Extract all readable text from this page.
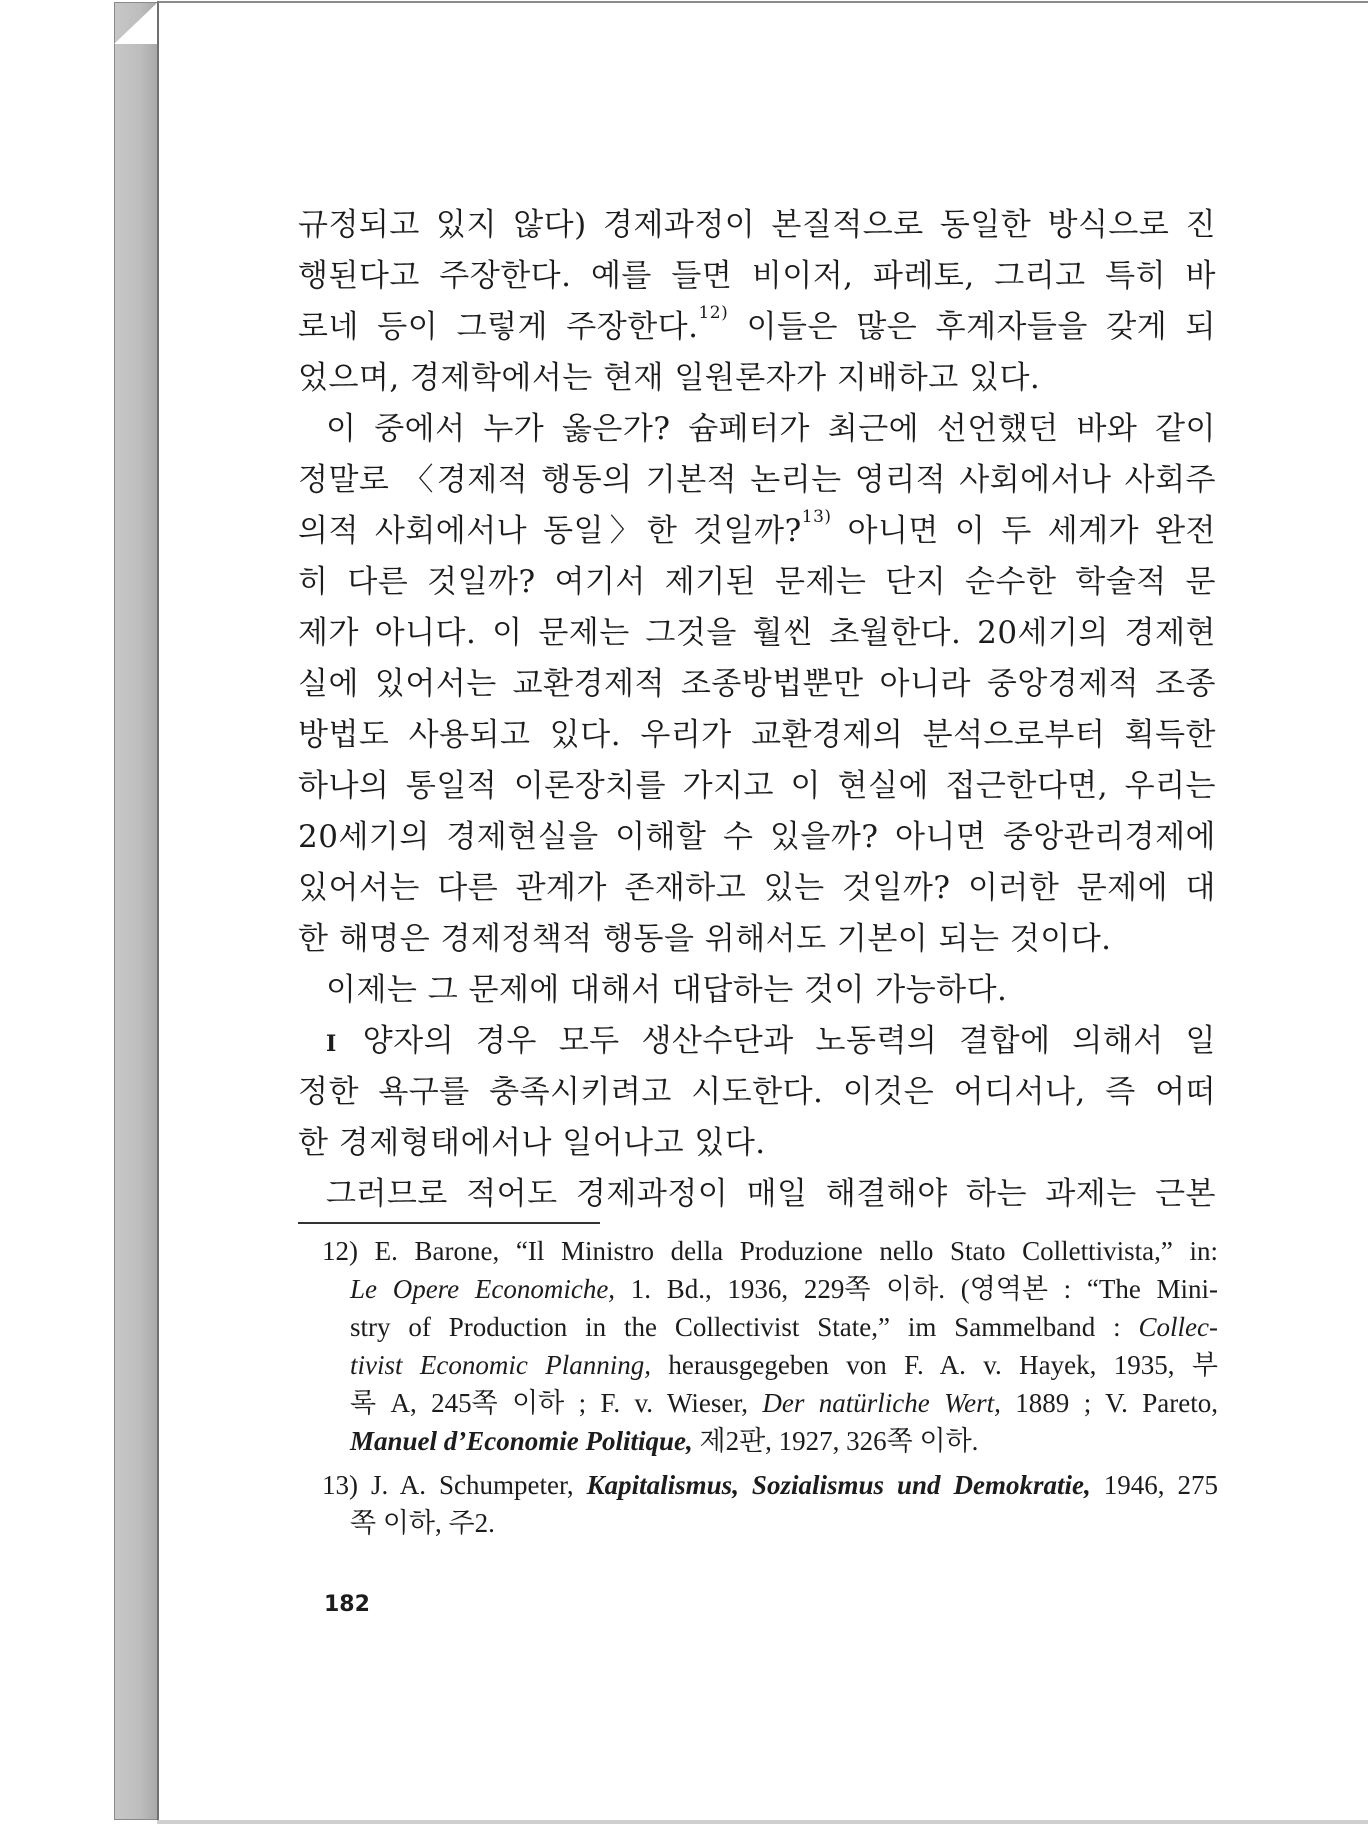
규정되고 있지 않다) 경제과정이 본질적으로 동일한 방식으로 진
행된다고 주장한다. 예를 들면 비이저, 파레토, 그리고 특히 바
로네 등이 그렇게 주장한다.$^{12)}$ 이들은 많은 후계자들을 갖게 되
었으며, 경제학에서는 현재 일원론자가 지배하고 있다.
이 중에서 누가 옳은가? 슘페터가 최근에 선언했던 바와 같이
정말로 〈경제적 행동의 기본적 논리는 영리적 사회에서나 사회주
의적 사회에서나 동일〉한 것일까?$^{13)}$ 아니면 이 두 세계가 완전
히 다른 것일까? 여기서 제기된 문제는 단지 순수한 학술적 문
제가 아니다. 이 문제는 그것을 훨씬 초월한다. 20세기의 경제현
실에 있어서는 교환경제적 조종방법뿐만 아니라 중앙경제적 조종
방법도 사용되고 있다. 우리가 교환경제의 분석으로부터 획득한
하나의 통일적 이론장치를 가지고 이 현실에 접근한다면, 우리는
20세기의 경제현실을 이해할 수 있을까? 아니면 중앙관리경제에
있어서는 다른 관계가 존재하고 있는 것일까? 이러한 문제에 대
한 해명은 경제정책적 행동을 위해서도 기본이 되는 것이다.
이제는 그 문제에 대해서 대답하는 것이 가능하다.
I 양자의 경우 모두 생산수단과 노동력의 결합에 의해서 일
정한 욕구를 충족시키려고 시도한다. 이것은 어디서나, 즉 어떠
한 경제형태에서나 일어나고 있다.
그러므로 적어도 경제과정이 매일 해결해야 하는 과제는 근본
12) E. Barone, “Il Ministro della Produzione nello Stato Collettivista,” in:
Le Opere Economiche, 1. Bd., 1936, 229쪽 이하. (영역본 : “The Mini-
stry of Production in the Collectivist State,” im Sammelband : Collec-
tivist Economic Planning, herausgegeben von F. A. v. Hayek, 1935, 부
록 A, 245쪽 이하 ; F. v. Wieser, Der natürliche Wert, 1889 ; V. Pareto,
Manuel d’Economie Politique, 제2판, 1927, 326쪽 이하.
13) J. A. Schumpeter, Kapitalismus, Sozialismus und Demokratie, 1946, 275
쪽 이하, 주2.
182
